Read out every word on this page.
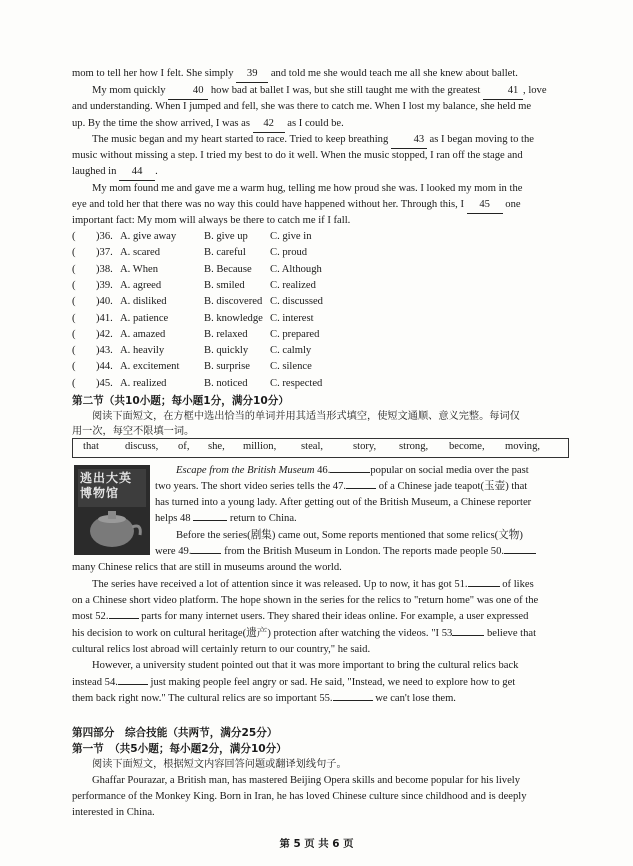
mom to tell her how I felt. She simply 39 and told me she would teach me all she knew about ballet.
My mom quickly 40 how bad at ballet I was, but she still taught me with the greatest 41 , love
and understanding. When I jumped and fell, she was there to catch me. When I lost my balance, she held me
up. By the time the show arrived, I was as 42 as I could be.
The music began and my heart started to race. Tried to keep breathing 43 as I began moving to the
music without missing a step. I tried my best to do it well. When the music stopped, I ran off the stage and
laughed in 44 .
My mom found me and gave me a warm hug, telling me how proud she was. I looked my mom in the
eye and told her that there was no way this could have happened without her. Through this, I 45 one
important fact: My mom will always be there to catch me if I fall.
( )36. A. give away	B. give up C. give in
( )37. A. scared	B. careful C. proud
( )38. A. When	B. Because C. Although
( )39. A. agreed	B. smiled C. realized
( )40. A. disliked	B. discovered C. discussed
( )41. A. patience	B. knowledge C. interest
( )42. A. amazed	B. relaxed C. prepared
( )43. A. heavily	B. quickly C. calmly
( )44. A. excitement B. surprise C. silence
( )45. A. realized	B. noticed C. respected
第二节（共10小题；每小题1分，满分10分）
阅读下面短文，在方框中选出恰当的单词并用其适当形式填空，使短文通顺、意义完整。每词仅
用一次，每空不限填一词。
that discuss, of, she, million, steal,	story, strong, become, moving,
逃出大英博物馆
Escape from the British Museum 46.	popular on social media over the past
two years. The short video series tells the 47.	of a Chinese jade teapot(玉壶) that
has turned into a young lady. After getting out of the British Museum, a Chinese reporter
helps 48	return to China.
Before the series(剧集) came out, Some reports mentioned that some relics(文物)
were 49.	from the British Museum in London. The reports made people 50.
many Chinese relics that are still in museums around the world.
The series have received a lot of attention since it was released. Up to now, it has got 51.	of likes
on a Chinese short video platform. The hope shown in the series for the relics to "return home" was one of the
most 52.	parts for many internet users. They shared their ideas online. For example, a user expressed
his decision to work on cultural heritage(遗产) protection after watching the videos. "I 53	believe that
cultural relics lost abroad will certainly return to our country," he said.
However, a university student pointed out that it was more important to bring the cultural relics back
instead 54.	just making people feel angry or sad. He said, "Instead, we need to explore how to get
them back right now." The cultural relics are so important 55.	we can't lose them.
第四部分　综合技能（共两节，满分25分）
第一节　（共5小题；每小题2分，满分10分）
阅读下面短文，根据短文内容回答问题或翻译划线句子。
Ghaffar Pourazar, a British man, has mastered Beijing Opera skills and become popular for his lively
performance of the Monkey King. Born in Iran, he has loved Chinese culture since childhood and is deeply
interested in China.
第 5 页 共 6 页
